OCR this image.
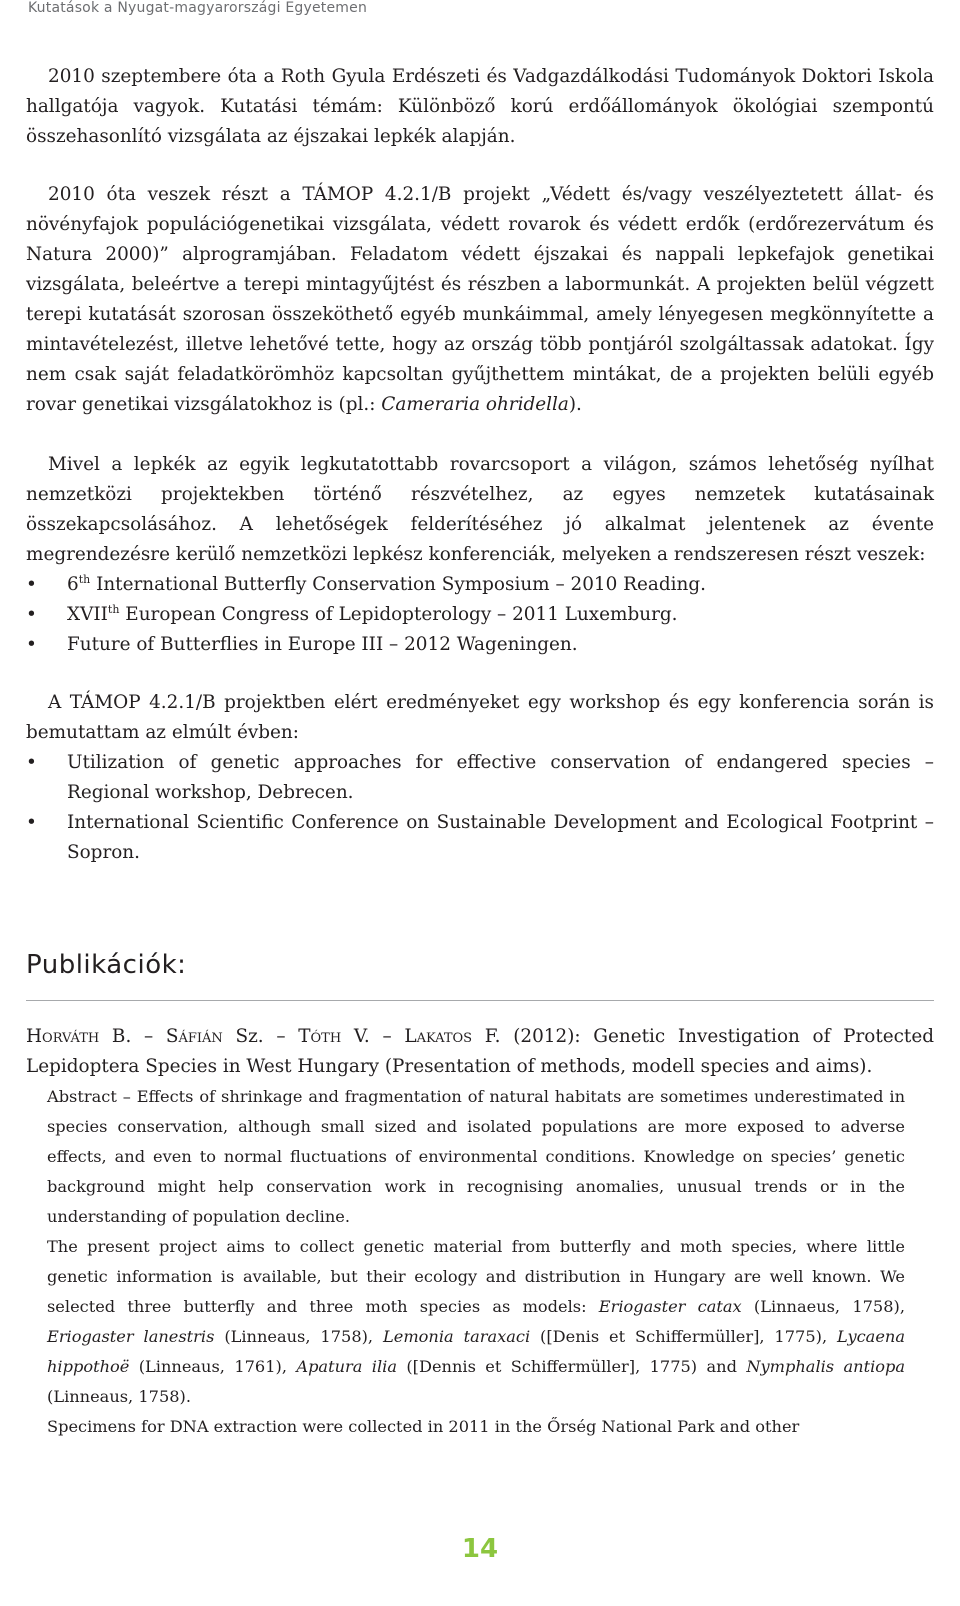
Kutatások a Nyugat-magyarországi Egyetemen

2010 szeptembere óta a Roth Gyula Erdészeti és Vadgazdálkodási Tudományok Doktori Iskola hallgatója vagyok. Kutatási témám: Különböző korú erdőállományok ökológiai szempontú összehasonlító vizsgálata az éjszakai lepkék alapján.

2010 óta veszek részt a TÁMOP 4.2.1/B projekt „Védett és/vagy veszélyeztetett állat- és növényfajok populációgenetikai vizsgálata, védett rovarok és védett erdők (erdőrezervátum és Natura 2000)” alprogramjában. Feladatom védett éjszakai és nappali lepkefajok genetikai vizsgálata, beleértve a terepi mintagyűjtést és részben a labormunkát. A projekten belül végzett terepi kutatását szorosan összeköthető egyéb munkáimmal, amely lényegesen megkönnyítette a mintavételezést, illetve lehetővé tette, hogy az ország több pontjáról szolgáltassak adatokat. Így nem csak saját feladatkörömhöz kapcsoltan gyűjthettem mintákat, de a projekten belüli egyéb rovar genetikai vizsgálatokhoz is (pl.: Cameraria ohridella).

Mivel a lepkék az egyik legkutatottabb rovarcsoport a világon, számos lehetőség nyílhat nemzetközi projektekben történő részvételhez, az egyes nemzetek kutatásainak összekapcsolásához. A lehetőségek felderítéséhez jó alkalmat jelentenek az évente megrendezésre kerülő nemzetközi lepkész konferenciák, melyeken a rendszeresen részt veszek:

• 6th International Butterfly Conservation Symposium – 2010 Reading.
• XVIIth European Congress of Lepidopterology – 2011 Luxemburg.
• Future of Butterflies in Europe III – 2012 Wageningen.

A TÁMOP 4.2.1/B projektben elért eredményeket egy workshop és egy konferencia során is bemutattam az elmúlt évben:

• Utilization of genetic approaches for effective conservation of endangered species – Regional workshop, Debrecen.
• International Scientific Conference on Sustainable Development and Ecological Footprint – Sopron.
Publikációk:
Horváth B. – Sáfián Sz. – Tóth V. – Lakatos F. (2012): Genetic Investigation of Protected Lepidoptera Species in West Hungary (Presentation of methods, modell species and aims).

Abstract – Effects of shrinkage and fragmentation of natural habitats are sometimes underestimated in species conservation, although small sized and isolated populations are more exposed to adverse effects, and even to normal fluctuations of environmental conditions. Knowledge on species’ genetic background might help conservation work in recognising anomalies, unusual trends or in the understanding of population decline.

The present project aims to collect genetic material from butterfly and moth species, where little genetic information is available, but their ecology and distribution in Hungary are well known. We selected three butterfly and three moth species as models: Eriogaster catax (Linnaeus, 1758), Eriogaster lanestris (Linneaus, 1758), Lemonia taraxaci ([Denis et Schiffermüller], 1775), Lycaena hippothoë (Linneaus, 1761), Apatura ilia ([Dennis et Schiffermüller], 1775) and Nymphalis antiopa (Linneaus, 1758).

Specimens for DNA extraction were collected in 2011 in the Őrség National Park and other

14
